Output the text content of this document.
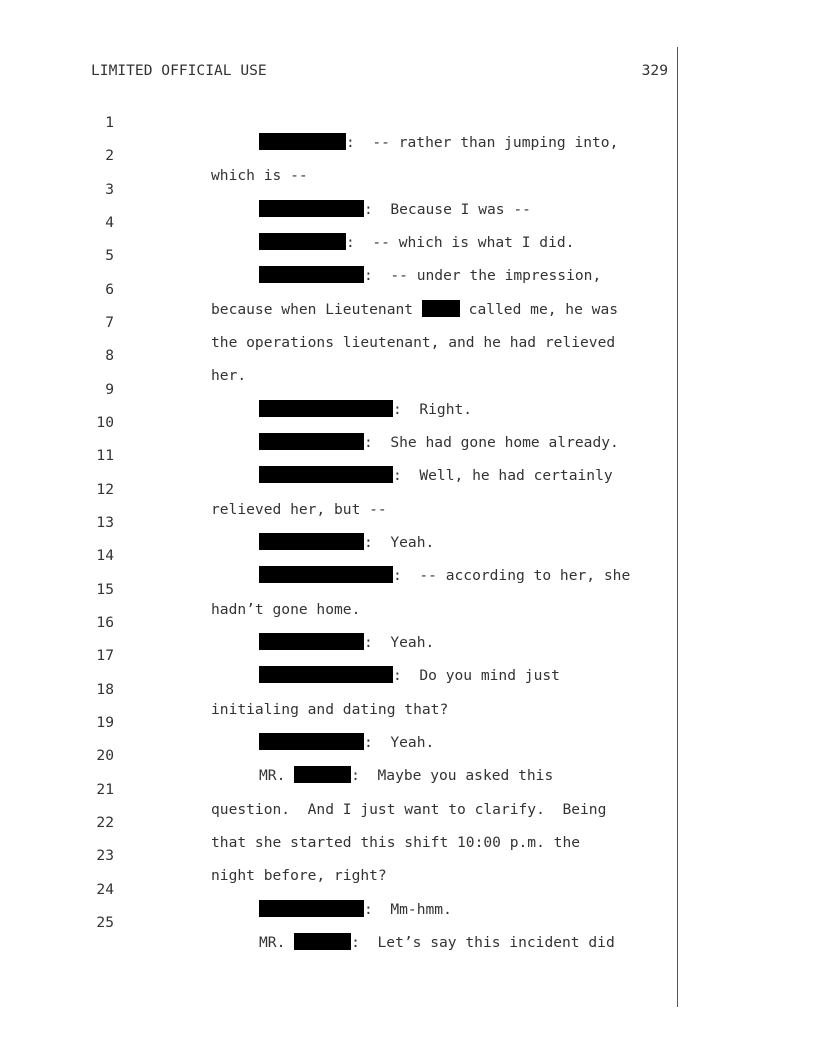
LIMITED OFFICIAL USE	329

1

:  -- rather than jumping into,

2

which is --

3

:  Because I was --

4

:  -- which is what I did.

5

:  -- under the impression,

6

because when Lieutenant	called me, he was

7

the operations lieutenant, and he had relieved

8

her.

9

:  Right.

10

:  She had gone home already.

11

:  Well, he had certainly

12

relieved her, but --

13

:  Yeah.

14

:  -- according to her, she

15

hadn’t gone home.

16

:  Yeah.

17

:  Do you mind just

18

initialing and dating that?

19

:  Yeah.

20

MR.	:  Maybe you asked this

21

question.  And I just want to clarify.  Being

22

that she started this shift 10:00 p.m. the

23

night before, right?

24

:  Mm-hmm.

25

MR.	:  Let’s say this incident did
